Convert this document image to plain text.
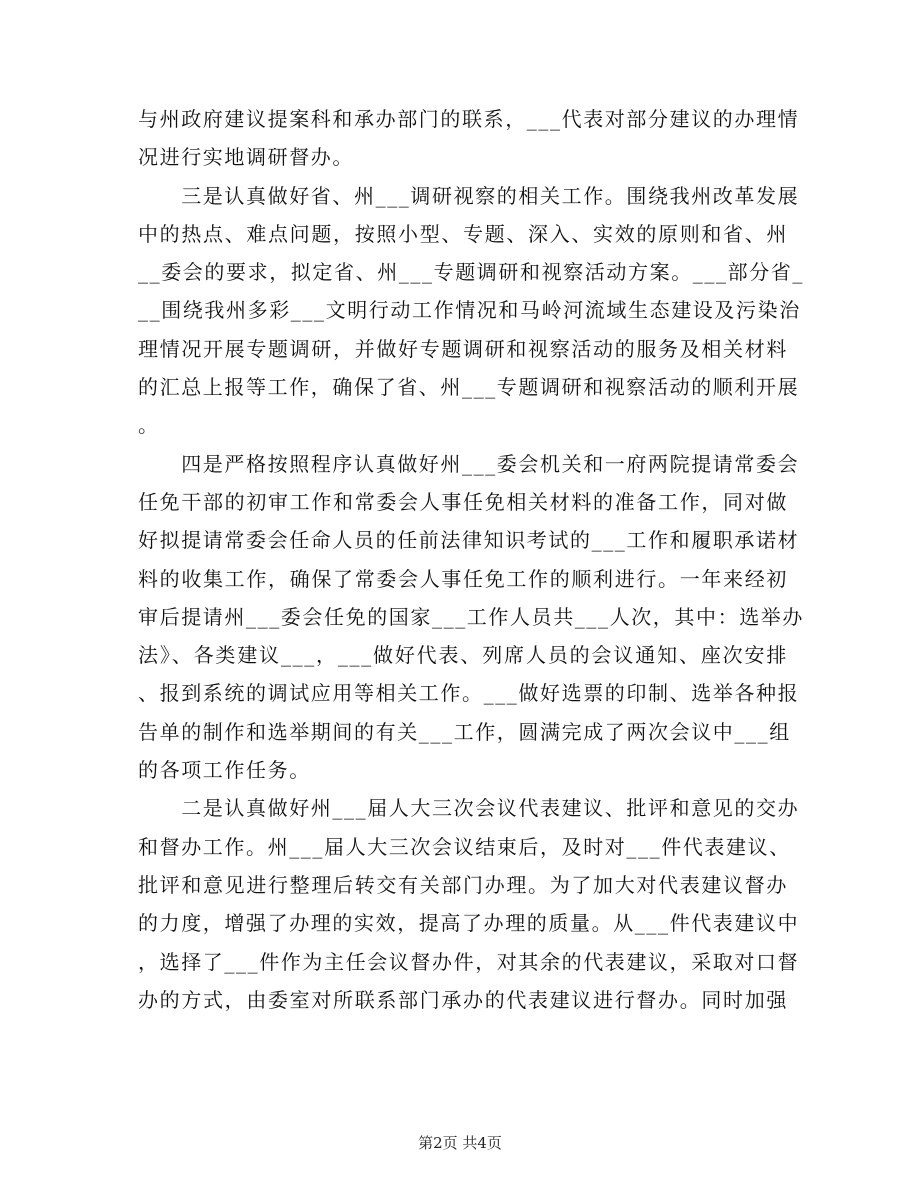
与州政府建议提案科和承办部门的联系，___代表对部分建议的办理情
况进行实地调研督办。
　　三是认真做好省、州___调研视察的相关工作。围绕我州改革发展
中的热点、难点问题，按照小型、专题、深入、实效的原则和省、州
__委会的要求，拟定省、州___专题调研和视察活动方案。___部分省_
__围绕我州多彩___文明行动工作情况和马岭河流域生态建设及污染治
理情况开展专题调研，并做好专题调研和视察活动的服务及相关材料
的汇总上报等工作，确保了省、州___专题调研和视察活动的顺利开展
。
　　四是严格按照程序认真做好州___委会机关和一府两院提请常委会
任免干部的初审工作和常委会人事任免相关材料的准备工作，同对做
好拟提请常委会任命人员的任前法律知识考试的___工作和履职承诺材
料的收集工作，确保了常委会人事任免工作的顺利进行。一年来经初
审后提请州___委会任免的国家___工作人员共___人次，其中：选举办
法》、各类建议___，___做好代表、列席人员的会议通知、座次安排
、报到系统的调试应用等相关工作。___做好选票的印制、选举各种报
告单的制作和选举期间的有关___工作，圆满完成了两次会议中___组
的各项工作任务。
　　二是认真做好州___届人大三次会议代表建议、批评和意见的交办
和督办工作。州___届人大三次会议结束后，及时对___件代表建议、
批评和意见进行整理后转交有关部门办理。为了加大对代表建议督办
的力度，增强了办理的实效，提高了办理的质量。从___件代表建议中
，选择了___件作为主任会议督办件，对其余的代表建议，采取对口督
办的方式，由委室对所联系部门承办的代表建议进行督办。同时加强
第2页 共4页
